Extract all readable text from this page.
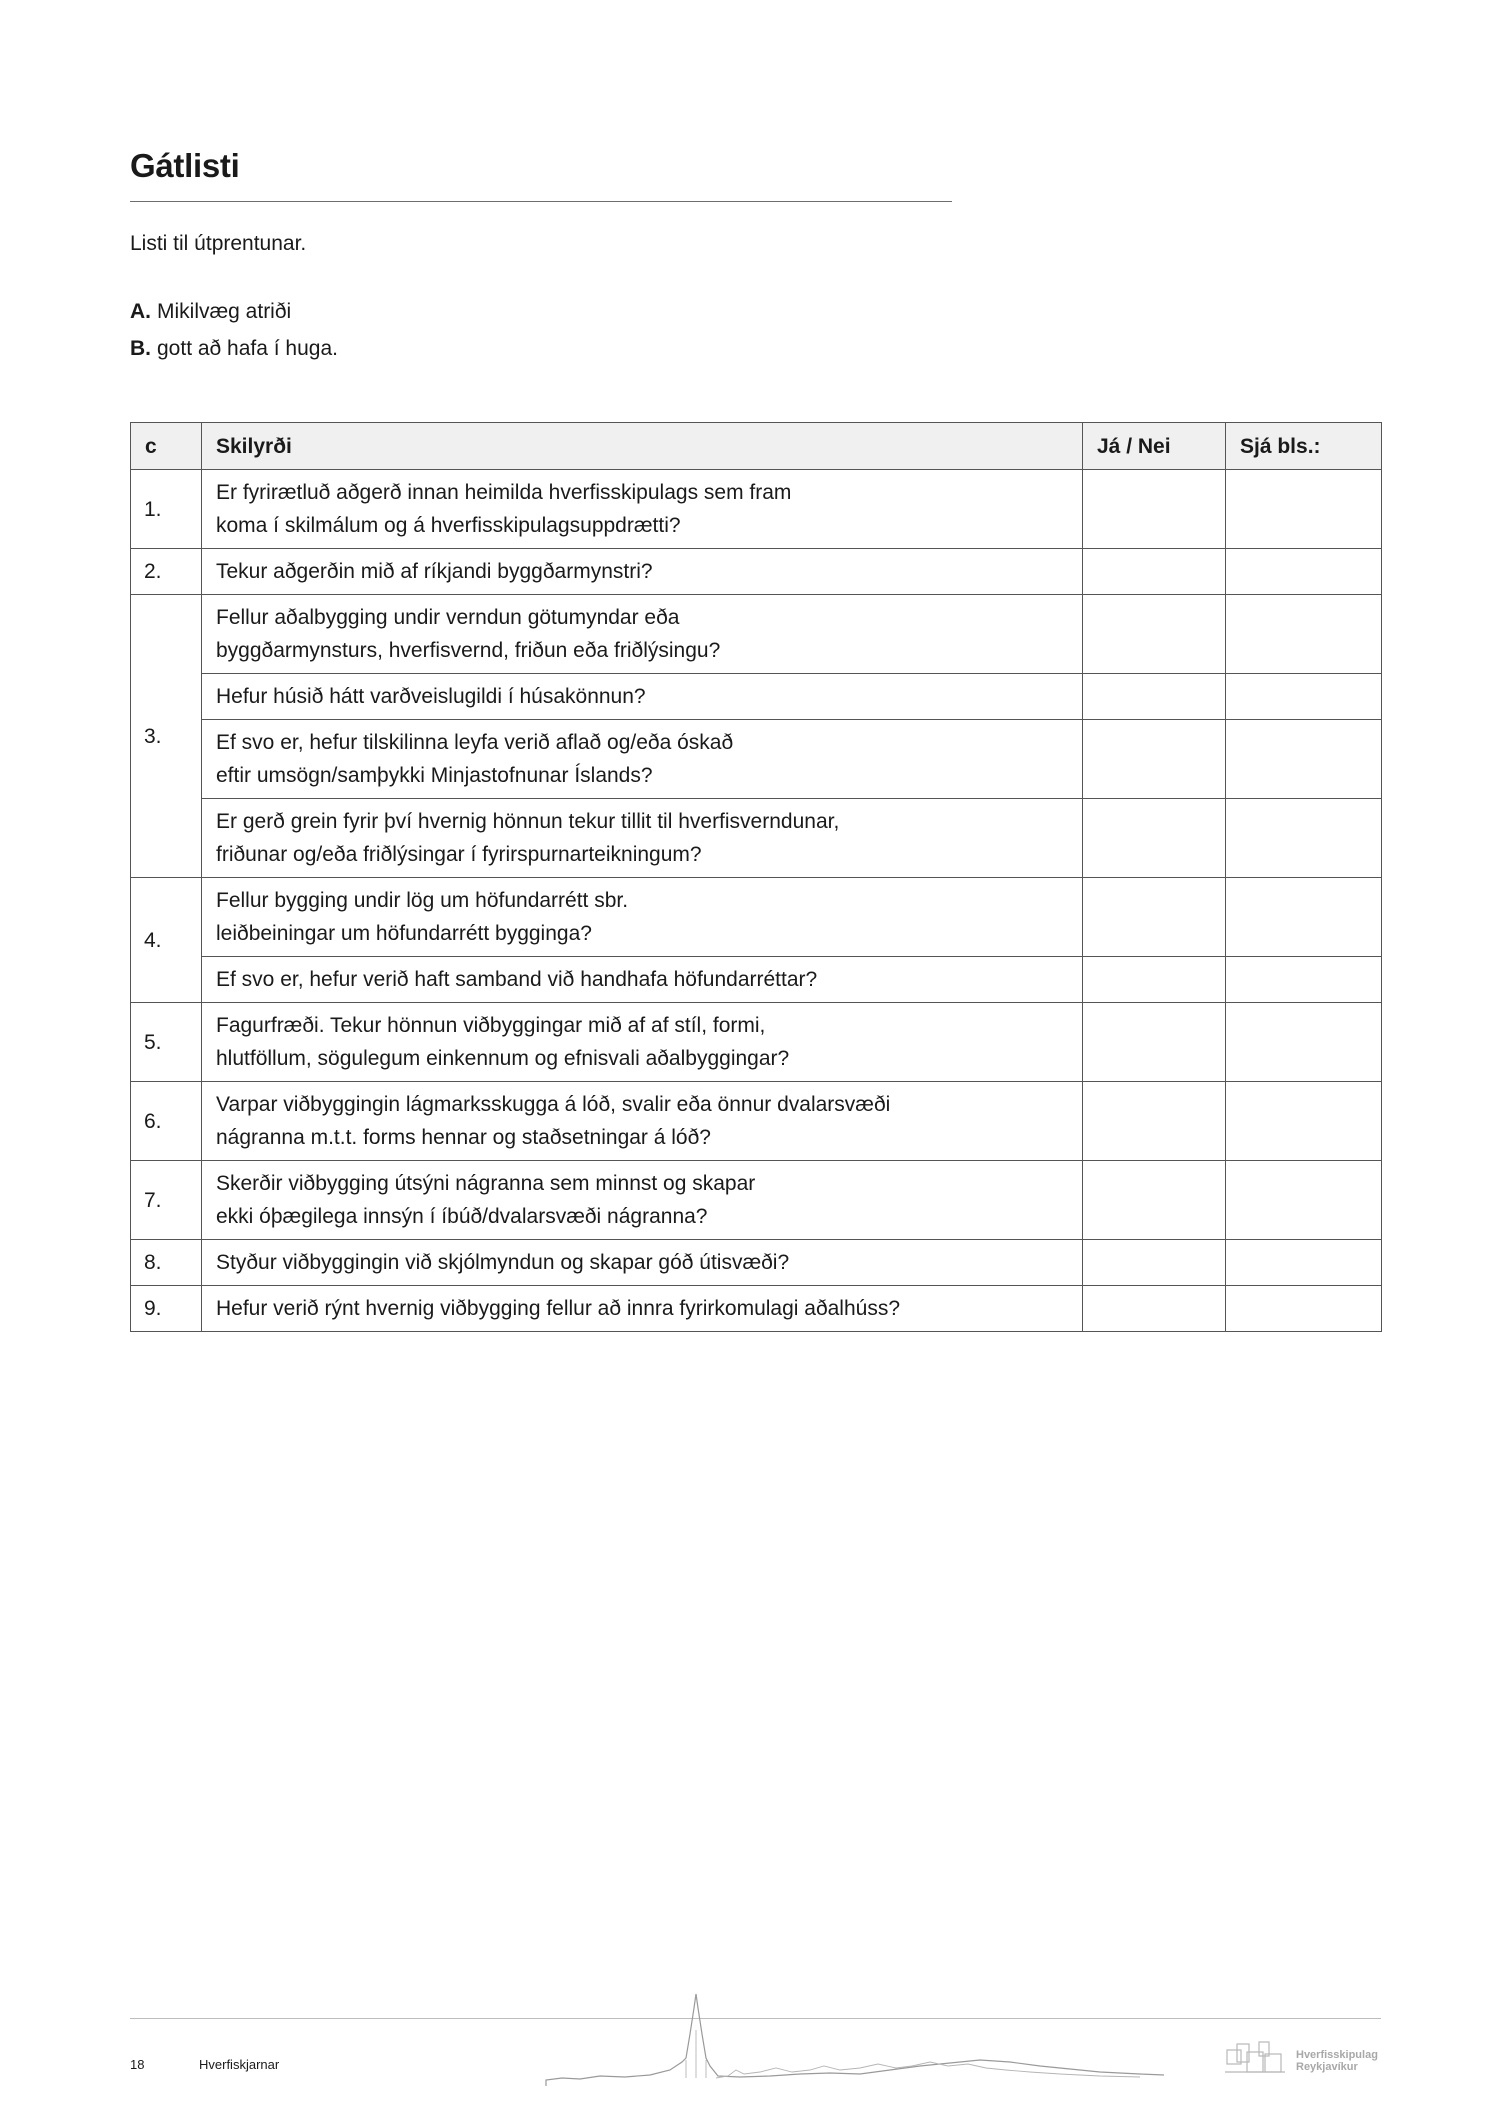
Gátlisti
Listi til útprentunar.
A. Mikilvæg atriði
B. gott að hafa í huga.
c	Skilyrði	Já / Nei	Sjá bls.:
1.	Er fyrirætluð aðgerð innan heimilda hverfisskipulags sem fram
koma í skilmálum og á hverfisskipulagsuppdrætti?		

2.	Tekur aðgerðin mið af ríkjandi byggðarmynstri?		

3.	Fellur aðalbygging undir verndun götumyndar eða
byggðarmynsturs, hverfisvernd, friðun eða friðlýsingu?		

	Hefur húsið hátt varðveislugildi í húsakönnun?		

	Ef svo er, hefur tilskilinna leyfa verið aflað og/eða óskað
eftir umsögn/samþykki Minjastofnunar Íslands?		

	Er gerð grein fyrir því hvernig hönnun tekur tillit til hverfisverndunar,
friðunar og/eða friðlýsingar í fyrirspurnarteikningum?		

4.	Fellur bygging undir lög um höfundarrétt sbr.
leiðbeiningar um höfundarrétt bygginga?		

	Ef svo er, hefur verið haft samband við handhafa höfundarréttar?		

5.	Fagurfræði. Tekur hönnun viðbyggingar mið af af stíl, formi,
hlutföllum, sögulegum einkennum og efnisvali aðalbyggingar?		

6.	Varpar viðbyggingin lágmarksskugga á lóð, svalir eða önnur dvalarsvæði
nágranna m.t.t. forms hennar og staðsetningar á lóð?		

7.	Skerðir viðbygging útsýni nágranna sem minnst og skapar
ekki óþægilega innsýn í íbúð/dvalarsvæði nágranna?		

8.	Styður viðbyggingin við skjólmyndun og skapar góð útisvæði?		

9.	Hefur verið rýnt hvernig viðbygging fellur að innra fyrirkomulagi aðalhúss?		

18	Hverfiskjarnar
Hverfisskipulag
Reykjavíkur
